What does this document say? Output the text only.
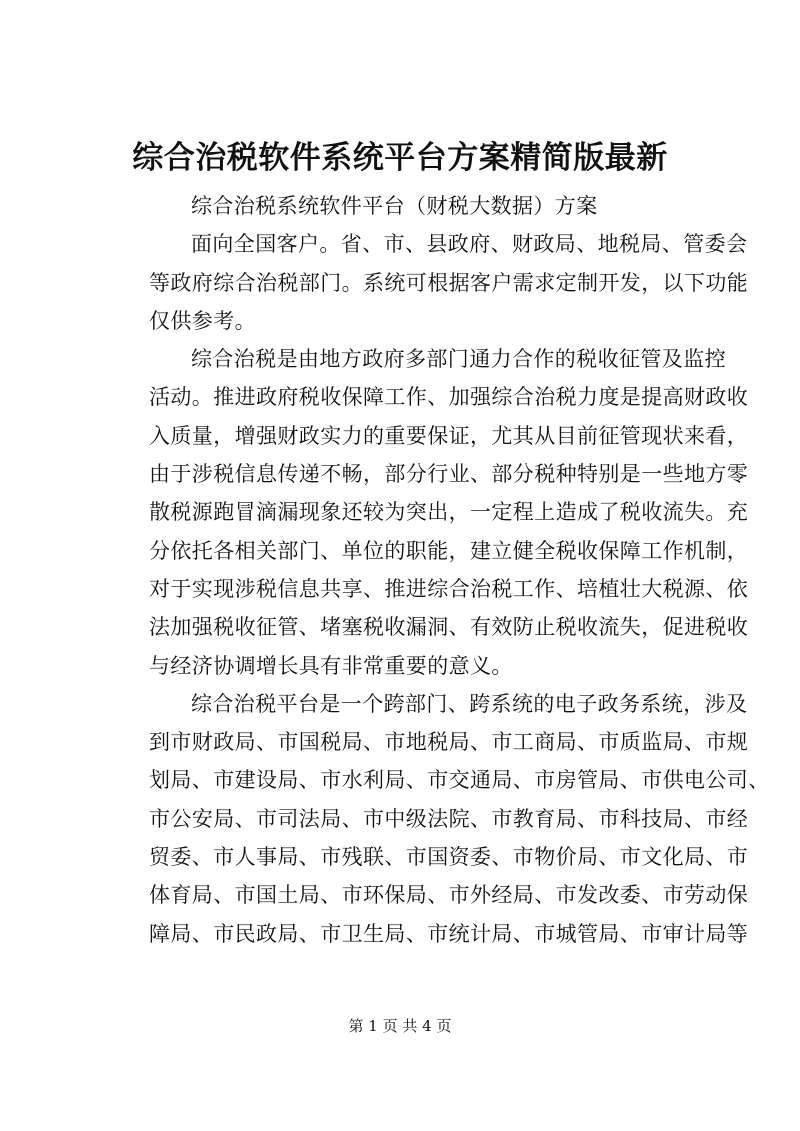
综合治税软件系统平台方案精简版最新

综合治税系统软件平台（财税大数据）方案

面向全国客户。省、市、县政府、财政局、地税局、管委会
等政府综合治税部门。系统可根据客户需求定制开发，以下功能
仅供参考。

综合治税是由地方政府多部门通力合作的税收征管及监控
活动。推进政府税收保障工作、加强综合治税力度是提高财政收
入质量，增强财政实力的重要保证，尤其从目前征管现状来看，
由于涉税信息传递不畅，部分行业、部分税种特别是一些地方零
散税源跑冒滴漏现象还较为突出，一定程上造成了税收流失。充
分依托各相关部门、单位的职能，建立健全税收保障工作机制，
对于实现涉税信息共享、推进综合治税工作、培植壮大税源、依
法加强税收征管、堵塞税收漏洞、有效防止税收流失，促进税收
与经济协调增长具有非常重要的意义。

综合治税平台是一个跨部门、跨系统的电子政务系统，涉及
到市财政局、市国税局、市地税局、市工商局、市质监局、市规
划局、市建设局、市水利局、市交通局、市房管局、市供电公司、
市公安局、市司法局、市中级法院、市教育局、市科技局、市经
贸委、市人事局、市残联、市国资委、市物价局、市文化局、市
体育局、市国土局、市环保局、市外经局、市发改委、市劳动保
障局、市民政局、市卫生局、市统计局、市城管局、市审计局等

第 1 页 共 4 页
